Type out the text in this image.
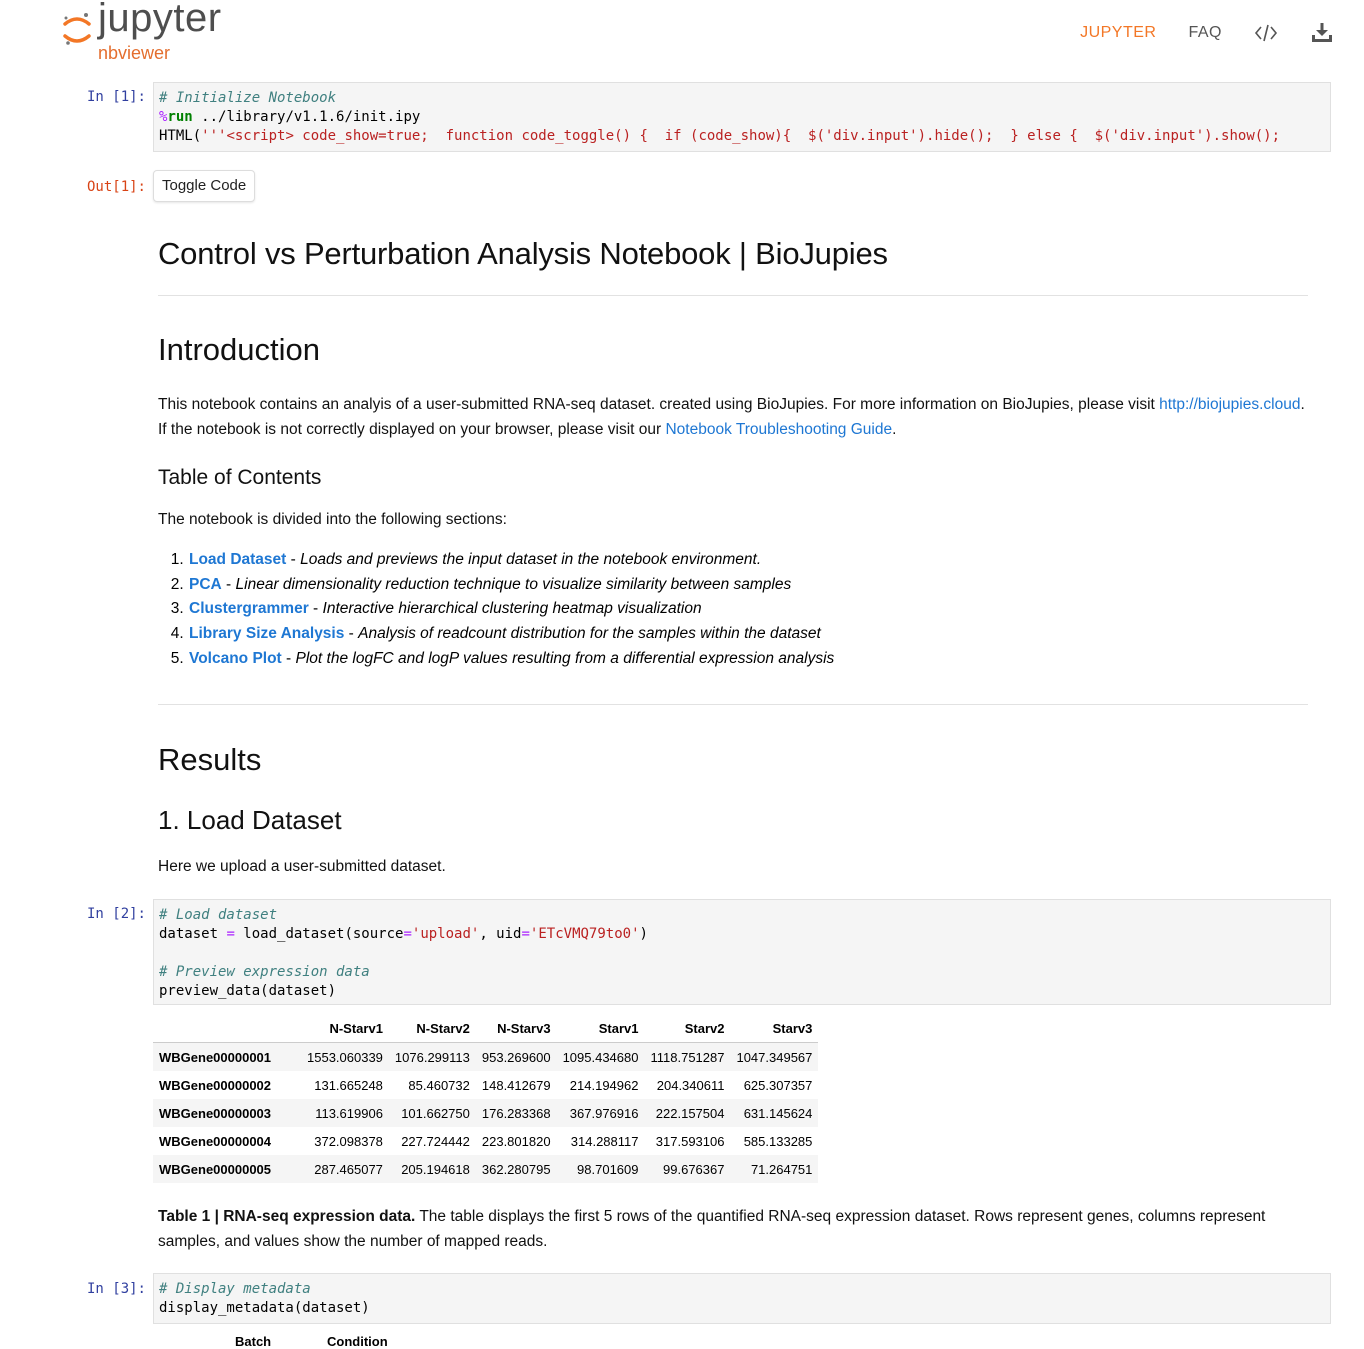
jupyter
nbviewer
JUPYTER FAQ
In [1]: # Initialize Notebook
%run ../library/v1.1.6/init.ipy
HTML('''<script> code_show=true;  function code_toggle() {  if (code_show){  $('div.input').hide();  } else {  $('div.input').show();
Out[1]:	Toggle Code
Control vs Perturbation Analysis Notebook | BioJupies
Introduction

This notebook contains an analyis of a user-submitted RNA-seq dataset. created using BioJupies. For more information on BioJupies, please visit http://biojupies.cloud. If the notebook is not correctly displayed on your browser, please visit our Notebook Troubleshooting Guide.

Table of Contents

The notebook is divided into the following sections:

1. Load Dataset - Loads and previews the input dataset in the notebook environment.
2. PCA - Linear dimensionality reduction technique to visualize similarity between samples
3. Clustergrammer - Interactive hierarchical clustering heatmap visualization
4. Library Size Analysis - Analysis of readcount distribution for the samples within the dataset
5. Volcano Plot - Plot the logFC and logP values resulting from a differential expression analysis
Results
1. Load Dataset

Here we upload a user-submitted dataset.

In [2]: # Load dataset
dataset = load_dataset(source='upload', uid='ETcVMQ79to0')

# Preview expression data
preview_data(dataset)
	N-Starv1	N-Starv2	N-Starv3	Starv1	Starv2	Starv3
WBGene00000001	1553.060339	1076.299113	953.269600	1095.434680	1118.751287	1047.349567
WBGene00000002	131.665248	85.460732	148.412679	214.194962	204.340611	625.307357
WBGene00000003	113.619906	101.662750	176.283368	367.976916	222.157504	631.145624
WBGene00000004	372.098378	227.724442	223.801820	314.288117	317.593106	585.133285
WBGene00000005	287.465077	205.194618	362.280795	98.701609	99.676367	71.264751

Table 1 | RNA-seq expression data. The table displays the first 5 rows of the quantified RNA-seq expression dataset. Rows represent genes, columns represent samples, and values show the number of mapped reads.

In [3]: # Display metadata
display_metadata(dataset)
Batch	Condition
